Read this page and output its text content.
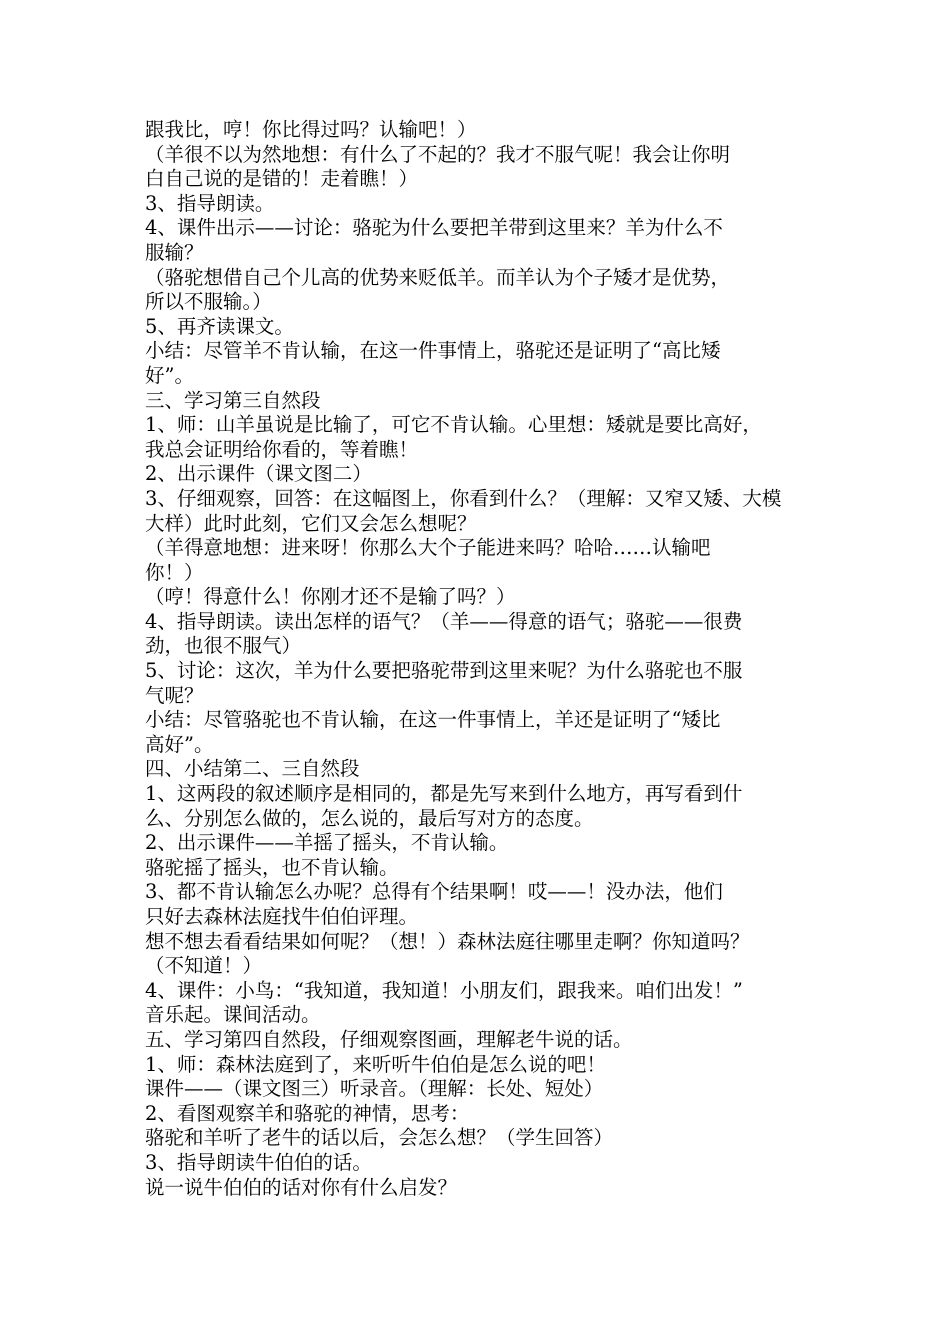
跟我比，哼！你比得过吗？认输吧！）
（羊很不以为然地想：有什么了不起的？我才不服气呢！我会让你明
白自己说的是错的！走着瞧！）
3、指导朗读。
4、课件出示——讨论：骆驼为什么要把羊带到这里来？羊为什么不
服输？
（骆驼想借自己个儿高的优势来贬低羊。而羊认为个子矮才是优势，
所以不服输。）
5、再齐读课文。
小结：尽管羊不肯认输，在这一件事情上，骆驼还是证明了“高比矮
好”。
三、学习第三自然段
1、师：山羊虽说是比输了，可它不肯认输。心里想：矮就是要比高好，
我总会证明给你看的，等着瞧！
2、出示课件（课文图二）
3、仔细观察，回答：在这幅图上，你看到什么？（理解：又窄又矮、大模
大样）此时此刻，它们又会怎么想呢？
（羊得意地想：进来呀！你那么大个子能进来吗？哈哈……认输吧
你！）
（哼！得意什么！你刚才还不是输了吗？）
4、指导朗读。读出怎样的语气？（羊——得意的语气；骆驼——很费
劲，也很不服气）
5、讨论：这次，羊为什么要把骆驼带到这里来呢？为什么骆驼也不服
气呢？
小结：尽管骆驼也不肯认输，在这一件事情上，羊还是证明了“矮比
高好”。
四、小结第二、三自然段
1、这两段的叙述顺序是相同的，都是先写来到什么地方，再写看到什
么、分别怎么做的，怎么说的，最后写对方的态度。
2、出示课件——羊摇了摇头，不肯认输。
骆驼摇了摇头，也不肯认输。
3、都不肯认输怎么办呢？总得有个结果啊！哎——！没办法，他们
只好去森林法庭找牛伯伯评理。
想不想去看看结果如何呢？（想！）森林法庭往哪里走啊？你知道吗？
（不知道！）
4、课件：小鸟：“我知道，我知道！小朋友们，跟我来。咱们出发！”
音乐起。课间活动。
五、学习第四自然段，仔细观察图画，理解老牛说的话。
1、师：森林法庭到了，来听听牛伯伯是怎么说的吧！
课件——（课文图三）听录音。（理解：长处、短处）
2、看图观察羊和骆驼的神情，思考：
骆驼和羊听了老牛的话以后，会怎么想？（学生回答）
3、指导朗读牛伯伯的话。
说一说牛伯伯的话对你有什么启发？
